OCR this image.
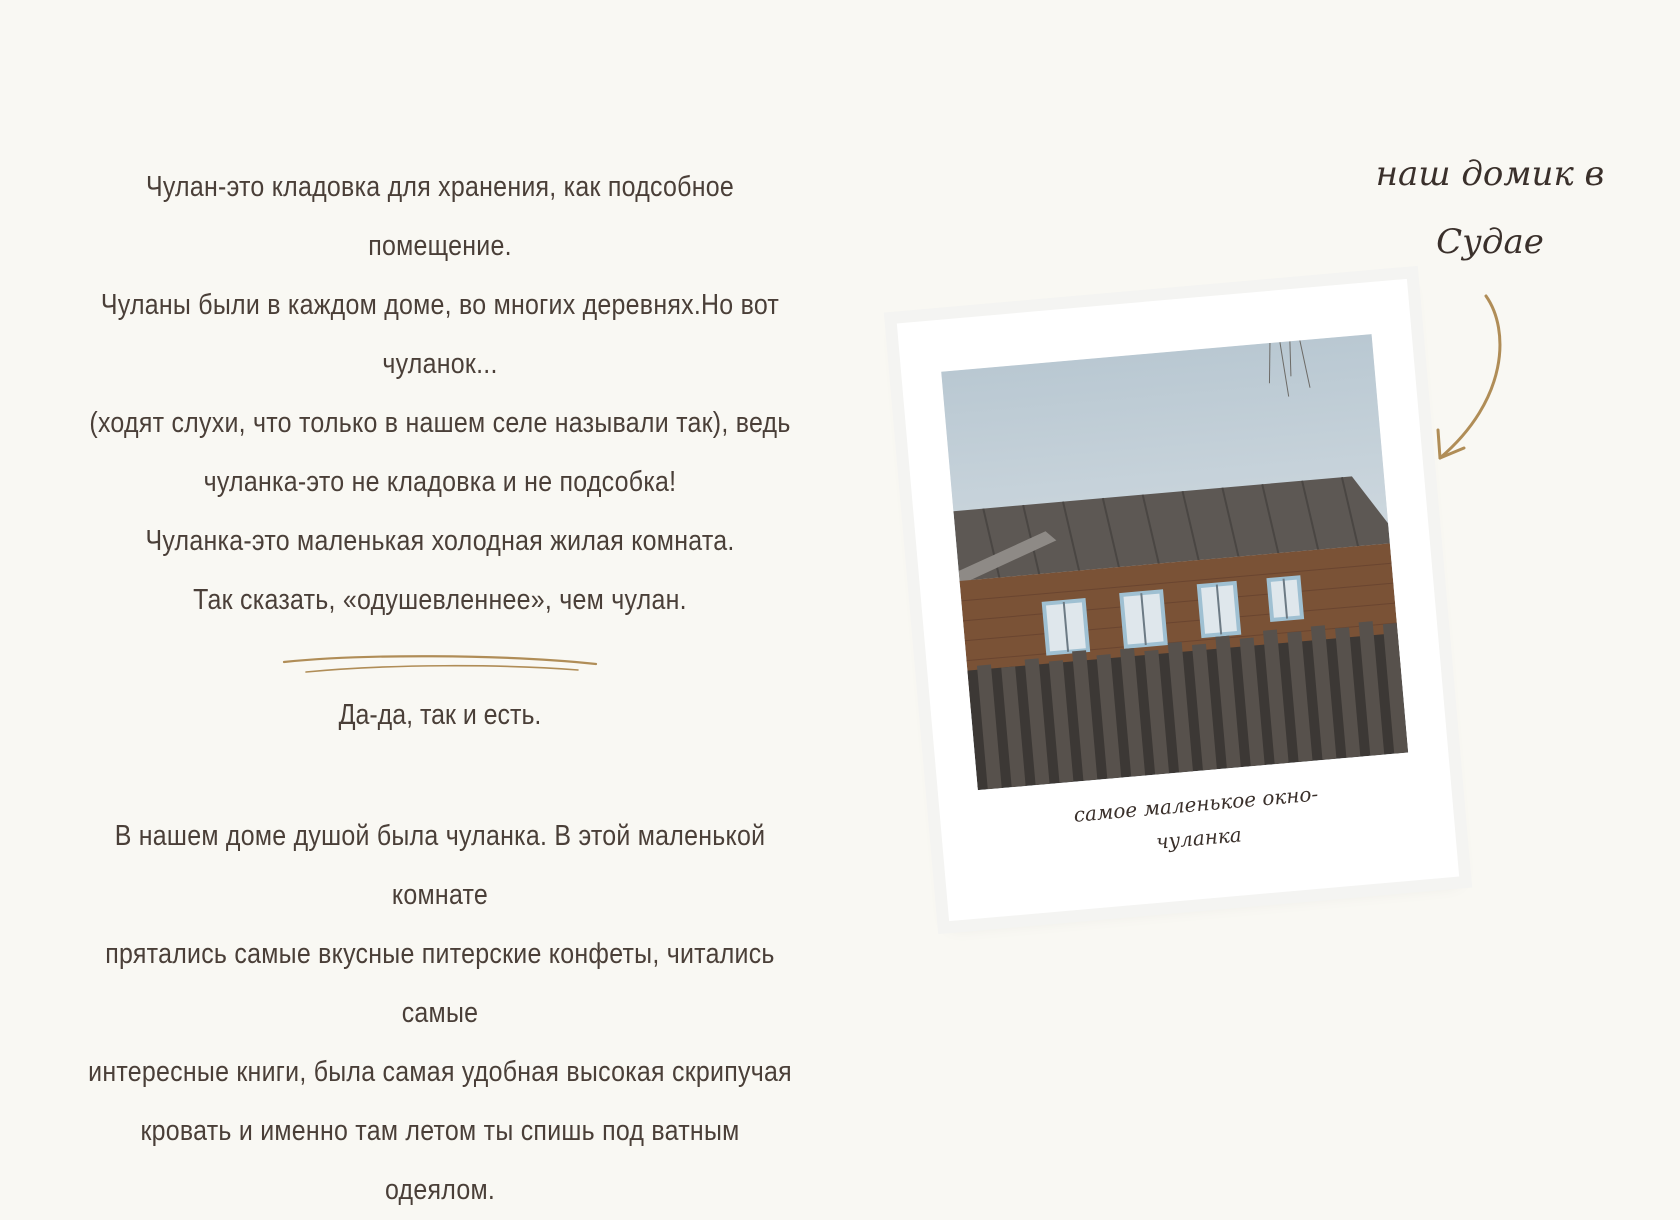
Чулан-это кладовка для хранения, как подсобное помещение.

Чуланы были в каждом доме, во многих деревнях.Но вот чуланок...

(ходят слухи, что только в нашем селе называли так), ведь

чуланка-это не кладовка и не подсобка!

Чуланка-это маленькая холодная жилая комната.

Так сказать, «одушевленнее», чем чулан.

Да-да, так и есть.

В нашем доме душой была чуланка. В этой маленькой комнате

прятались самые вкусные питерские конфеты, читались самые

интересные книги, была самая удобная высокая скрипучая

кровать и именно там летом ты спишь под ватным одеялом.

наш домик в
Судае
самое маленькое окно-
чуланка
